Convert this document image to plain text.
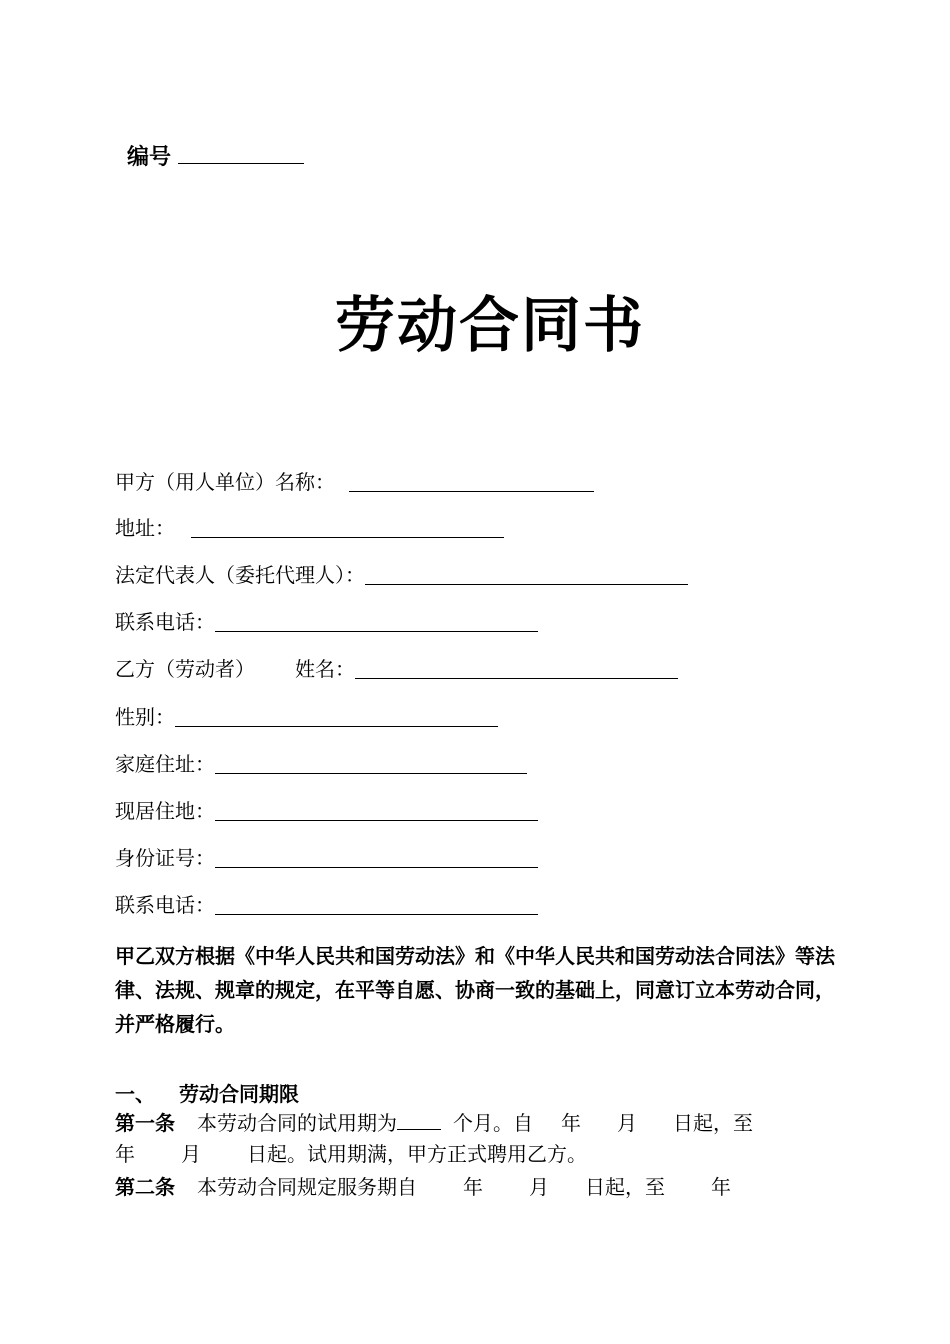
编号
劳动合同书
甲方（用人单位）名称：
地址：
法定代表人（委托代理人）：
联系电话：
乙方（劳动者） 姓名：
性别：
家庭住址：
现居住地：
身份证号：
联系电话：
甲乙双方根据《中华人民共和国劳动法》和《中华人民共和国劳动法合同法》等法律、法规、规章的规定，在平等自愿、协商一致的基础上，同意订立本劳动合同，并严格履行。
一、 劳动合同期限
第一条 本劳动合同的试用期为	个月。自 年 月 日起，至
年 月 日起。试用期满，甲方正式聘用乙方。
第二条 本劳动合同规定服务期自 年 月 日起，至 年
